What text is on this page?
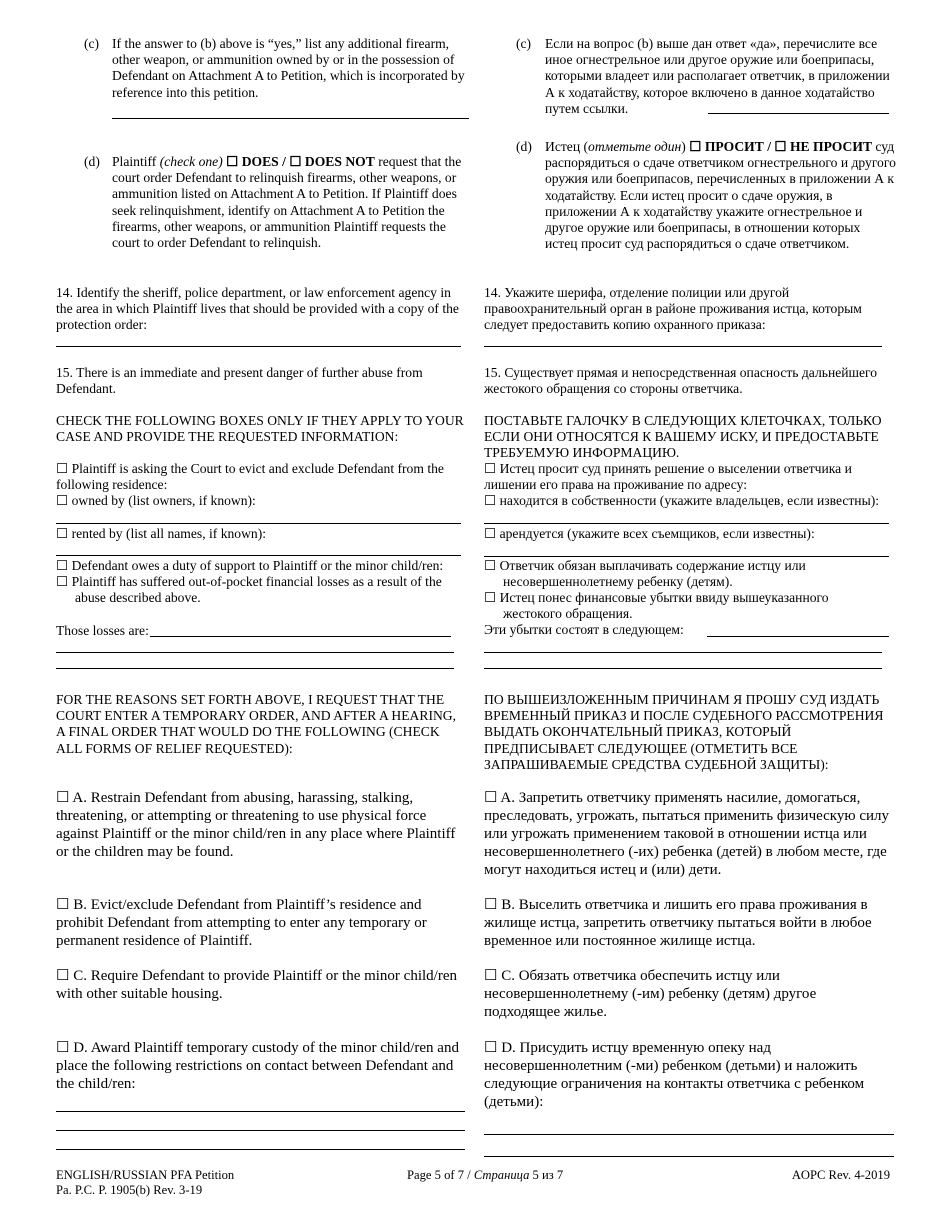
(c) If the answer to (b) above is “yes,” list any additional firearm, other weapon, or ammunition owned by or in the possession of Defendant on Attachment A to Petition, which is incorporated by reference into this petition.
(d) Plaintiff (check one) ☐ DOES / ☐ DOES NOT request that the court order Defendant to relinquish firearms, other weapons, or ammunition listed on Attachment A to Petition. If Plaintiff does seek relinquishment, identify on Attachment A to Petition the firearms, other weapons, or ammunition Plaintiff requests the court to order Defendant to relinquish.

14. Identify the sheriff, police department, or law enforcement agency in the area in which Plaintiff lives that should be provided with a copy of the protection order:

15. There is an immediate and present danger of further abuse from Defendant.

CHECK THE FOLLOWING BOXES ONLY IF THEY APPLY TO YOUR CASE AND PROVIDE THE REQUESTED INFORMATION:

☐ Plaintiff is asking the Court to evict and exclude Defendant from the following residence:

☐ owned by (list owners, if known):

☐ rented by (list all names, if known):

☐ Defendant owes a duty of support to Plaintiff or the minor child/ren:

☐ Plaintiff has suffered out-of-pocket financial losses as a result of the
abuse described above.

Those losses are:

FOR THE REASONS SET FORTH ABOVE, I REQUEST THAT THE COURT ENTER A TEMPORARY ORDER, AND AFTER A HEARING, A FINAL ORDER THAT WOULD DO THE FOLLOWING (CHECK ALL FORMS OF RELIEF REQUESTED):

☐ A. Restrain Defendant from abusing, harassing, stalking, threatening, or attempting or threatening to use physical force against Plaintiff or the minor child/ren in any place where Plaintiff or the children may be found.

☐ B. Evict/exclude Defendant from Plaintiff’s residence and prohibit Defendant from attempting to enter any temporary or permanent residence of Plaintiff.

☐ C. Require Defendant to provide Plaintiff or the minor child/ren with other suitable housing.

☐ D. Award Plaintiff temporary custody of the minor child/ren and place the following restrictions on contact between Defendant and the child/ren:

(c)	Если на вопрос (b) выше дан ответ «да», перечислите все иное огнестрельное или другое оружие или боеприпасы, которыми владеет или располагает ответчик, в приложении А к ходатайству, которое включено в данное ходатайство путем ссылки.
(d) Истец (отметьте один) ☐ ПРОСИТ / ☐ НЕ ПРОСИТ суд распорядиться о сдаче ответчиком огнестрельного и другого оружия или боеприпасов, перечисленных в приложении А к ходатайству. Если истец просит о сдаче оружия, в приложении А к ходатайству укажите огнестрельное и другое оружие или боеприпасы, в отношении которых истец просит суд распорядиться о сдаче ответчиком.

14. Укажите шерифа, отделение полиции или другой правоохранительный орган в районе проживания истца, которым следует предоставить копию охранного приказа:

15. Существует прямая и непосредственная опасность дальнейшего жестокого обращения со стороны ответчика.

ПОСТАВЬТЕ ГАЛОЧКУ В СЛЕДУЮЩИХ КЛЕТОЧКАХ, ТОЛЬКО ЕСЛИ ОНИ ОТНОСЯТСЯ К ВАШЕМУ ИСКУ, И ПРЕДОСТАВЬТЕ ТРЕБУЕМУЮ ИНФОРМАЦИЮ.

☐ Истец просит суд принять решение о выселении ответчика и лишении его права на проживание по адресу:

☐ находится в собственности (укажите владельцев, если известны):

☐ арендуется (укажите всех съемщиков, если известны):

☐ Ответчик обязан выплачивать содержание истцу или
несовершеннолетнему ребенку (детям).
☐ Истец понес финансовые убытки ввиду вышеуказанного
жестокого обращения.

Эти убытки состоят в следующем:

ПО ВЫШЕИЗЛОЖЕННЫМ ПРИЧИНАМ Я ПРОШУ СУД ИЗДАТЬ ВРЕМЕННЫЙ ПРИКАЗ И ПОСЛЕ СУДЕБНОГО РАССМОТРЕНИЯ ВЫДАТЬ ОКОНЧАТЕЛЬНЫЙ ПРИКАЗ, КОТОРЫЙ ПРЕДПИСЫВАЕТ СЛЕДУЮЩЕЕ (ОТМЕТИТЬ ВСЕ ЗАПРАШИВАЕМЫЕ СРЕДСТВА СУДЕБНОЙ ЗАЩИТЫ):

☐ A. Запретить ответчику применять насилие, домогаться, преследовать, угрожать, пытаться применить физическую силу или угрожать применением таковой в отношении истца или несовершеннолетнего (-их) ребенка (детей) в любом месте, где могут находиться истец и (или) дети.

☐ B. Выселить ответчика и лишить его права проживания в жилище истца, запретить ответчику пытаться войти в любое временное или постоянное жилище истца.

☐ C. Обязать ответчика обеспечить истцу или несовершеннолетнему (-им) ребенку (детям) другое подходящее жилье.

☐ D. Присудить истцу временную опеку над несовершеннолетним (-ми) ребенком (детьми) и наложить следующие ограничения на контакты ответчика с ребенком (детьми):

ENGLISH/RUSSIAN PFA Petition
Pa. P.C. P. 1905(b) Rev. 3-19
Page 5 of 7 / Страница 5 из 7	AOPC Rev. 4-2019
